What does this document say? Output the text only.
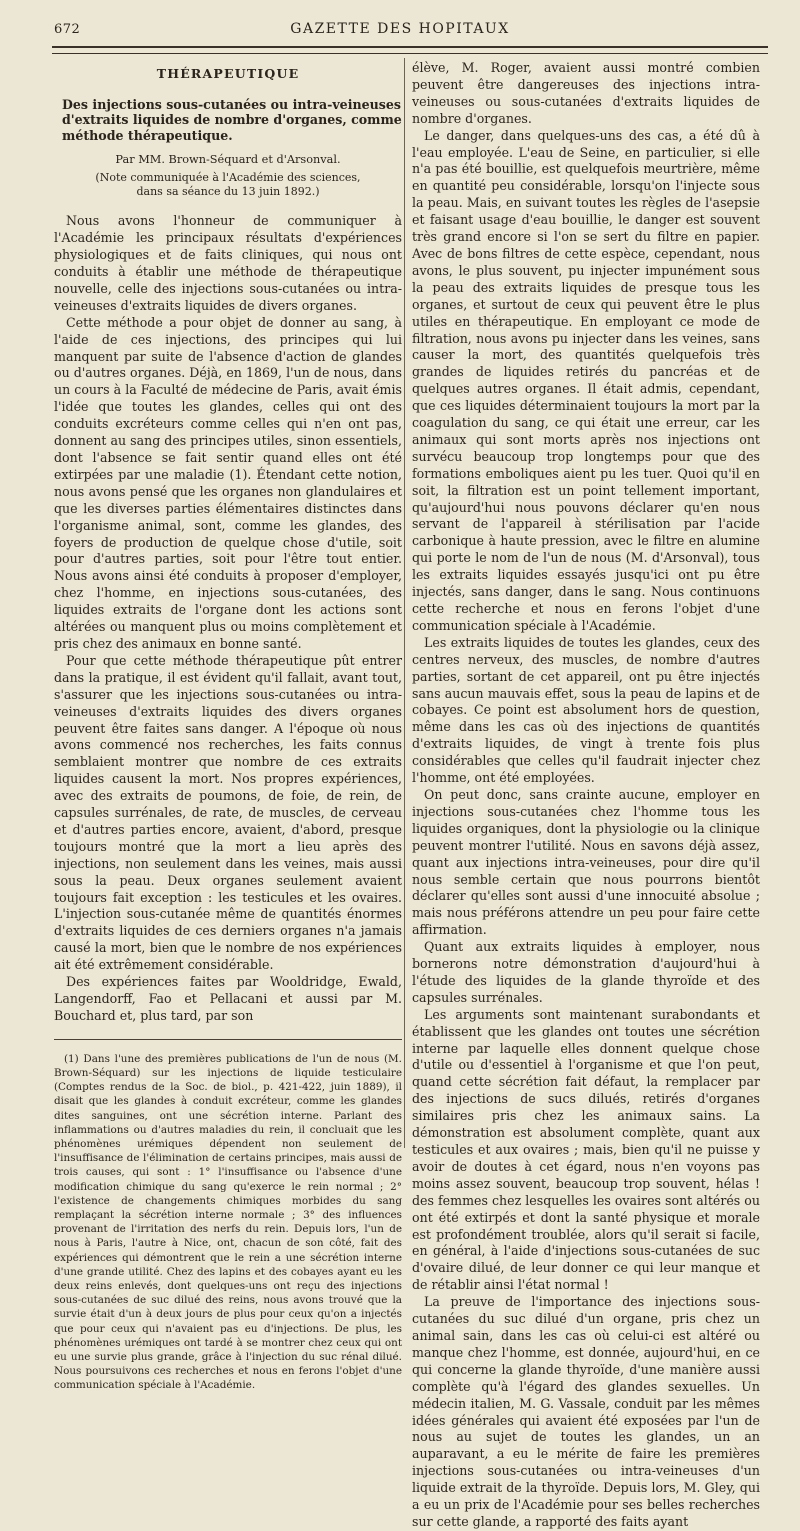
672	GAZETTE DES HOPITAUX
THÉRAPEUTIQUE
Des injections sous-cutanées ou intra-veineuses d'extraits liquides de nombre d'organes, comme méthode thérapeutique.
Par MM. Brown-Séquard et d'Arsonval.
(Note communiquée à l'Académie des sciences, dans sa séance du 13 juin 1892.)

Nous avons l'honneur de communiquer à l'Académie les principaux résultats d'expériences physiologiques et de faits cliniques, qui nous ont conduits à établir une méthode de thérapeutique nouvelle, celle des injections sous-cutanées ou intra-veineuses d'extraits liquides de divers organes.

Cette méthode a pour objet de donner au sang, à l'aide de ces injections, des principes qui lui manquent par suite de l'absence d'action de glandes ou d'autres organes. Déjà, en 1869, l'un de nous, dans un cours à la Faculté de médecine de Paris, avait émis l'idée que toutes les glandes, celles qui ont des conduits excréteurs comme celles qui n'en ont pas, donnent au sang des principes utiles, sinon essentiels, dont l'absence se fait sentir quand elles ont été extirpées par une maladie (1). Étendant cette notion, nous avons pensé que les organes non glandulaires et que les diverses parties élémentaires distinctes dans l'organisme animal, sont, comme les glandes, des foyers de production de quelque chose d'utile, soit pour d'autres parties, soit pour l'être tout entier. Nous avons ainsi été conduits à proposer d'employer, chez l'homme, en injections sous-cutanées, des liquides extraits de l'organe dont les actions sont altérées ou manquent plus ou moins complètement et pris chez des animaux en bonne santé.

Pour que cette méthode thérapeutique pût entrer dans la pratique, il est évident qu'il fallait, avant tout, s'assurer que les injections sous-cutanées ou intra-veineuses d'extraits liquides des divers organes peuvent être faites sans danger. A l'époque où nous avons commencé nos recherches, les faits connus semblaient montrer que nombre de ces extraits liquides causent la mort. Nos propres expériences, avec des extraits de poumons, de foie, de rein, de capsules surrénales, de rate, de muscles, de cerveau et d'autres parties encore, avaient, d'abord, presque toujours montré que la mort a lieu après des injections, non seulement dans les veines, mais aussi sous la peau. Deux organes seulement avaient toujours fait exception : les testicules et les ovaires. L'injection sous-cutanée même de quantités énormes d'extraits liquides de ces derniers organes n'a jamais causé la mort, bien que le nombre de nos expériences ait été extrêmement considérable.

Des expériences faites par Wooldridge, Ewald, Langendorff, Fao et Pellacani et aussi par M. Bouchard et, plus tard, par son

(1) Dans l'une des premières publications de l'un de nous (M. Brown-Séquard) sur les injections de liquide testiculaire (Comptes rendus de la Soc. de biol., p. 421-422, juin 1889), il disait que les glandes à conduit excréteur, comme les glandes dites sanguines, ont une sécrétion interne. Parlant des inflammations ou d'autres maladies du rein, il concluait que les phénomènes urémiques dépendent non seulement de l'insuffisance de l'élimination de certains principes, mais aussi de trois causes, qui sont : 1° l'insuffisance ou l'absence d'une modification chimique du sang qu'exerce le rein normal ; 2° l'existence de changements chimiques morbides du sang remplaçant la sécrétion interne normale ; 3° des influences provenant de l'irritation des nerfs du rein. Depuis lors, l'un de nous à Paris, l'autre à Nice, ont, chacun de son côté, fait des expériences qui démontrent que le rein a une sécrétion interne d'une grande utilité. Chez des lapins et des cobayes ayant eu les deux reins enlevés, dont quelques-uns ont reçu des injections sous-cutanées de suc dilué des reins, nous avons trouvé que la survie était d'un à deux jours de plus pour ceux qu'on a injectés que pour ceux qui n'avaient pas eu d'injections. De plus, les phénomènes urémiques ont tardé à se montrer chez ceux qui ont eu une survie plus grande, grâce à l'injection du suc rénal dilué. Nous poursuivons ces recherches et nous en ferons l'objet d'une communication spéciale à l'Académie.

élève, M. Roger, avaient aussi montré combien peuvent être dangereuses des injections intra-veineuses ou sous-cutanées d'extraits liquides de nombre d'organes.

Le danger, dans quelques-uns des cas, a été dû à l'eau employée. L'eau de Seine, en particulier, si elle n'a pas été bouillie, est quelquefois meurtrière, même en quantité peu considérable, lorsqu'on l'injecte sous la peau. Mais, en suivant toutes les règles de l'asepsie et faisant usage d'eau bouillie, le danger est souvent très grand encore si l'on se sert du filtre en papier. Avec de bons filtres de cette espèce, cependant, nous avons, le plus souvent, pu injecter impunément sous la peau des extraits liquides de presque tous les organes, et surtout de ceux qui peuvent être le plus utiles en thérapeutique. En employant ce mode de filtration, nous avons pu injecter dans les veines, sans causer la mort, des quantités quelquefois très grandes de liquides retirés du pancréas et de quelques autres organes. Il était admis, cependant, que ces liquides déterminaient toujours la mort par la coagulation du sang, ce qui était une erreur, car les animaux qui sont morts après nos injections ont survécu beaucoup trop longtemps pour que des formations emboliques aient pu les tuer. Quoi qu'il en soit, la filtration est un point tellement important, qu'aujourd'hui nous pouvons déclarer qu'en nous servant de l'appareil à stérilisation par l'acide carbonique à haute pression, avec le filtre en alumine qui porte le nom de l'un de nous (M. d'Arsonval), tous les extraits liquides essayés jusqu'ici ont pu être injectés, sans danger, dans le sang. Nous continuons cette recherche et nous en ferons l'objet d'une communication spéciale à l'Académie.

Les extraits liquides de toutes les glandes, ceux des centres nerveux, des muscles, de nombre d'autres parties, sortant de cet appareil, ont pu être injectés sans aucun mauvais effet, sous la peau de lapins et de cobayes. Ce point est absolument hors de question, même dans les cas où des injections de quantités d'extraits liquides, de vingt à trente fois plus considérables que celles qu'il faudrait injecter chez l'homme, ont été employées.

On peut donc, sans crainte aucune, employer en injections sous-cutanées chez l'homme tous les liquides organiques, dont la physiologie ou la clinique peuvent montrer l'utilité. Nous en savons déjà assez, quant aux injections intra-veineuses, pour dire qu'il nous semble certain que nous pourrons bientôt déclarer qu'elles sont aussi d'une innocuité absolue ; mais nous préférons attendre un peu pour faire cette affirmation.

Quant aux extraits liquides à employer, nous bornerons notre démonstration d'aujourd'hui à l'étude des liquides de la glande thyroïde et des capsules surrénales.

Les arguments sont maintenant surabondants et établissent que les glandes ont toutes une sécrétion interne par laquelle elles donnent quelque chose d'utile ou d'essentiel à l'organisme et que l'on peut, quand cette sécrétion fait défaut, la remplacer par des injections de sucs dilués, retirés d'organes similaires pris chez les animaux sains. La démonstration est absolument complète, quant aux testicules et aux ovaires ; mais, bien qu'il ne puisse y avoir de doutes à cet égard, nous n'en voyons pas moins assez souvent, beaucoup trop souvent, hélas ! des femmes chez lesquelles les ovaires sont altérés ou ont été extirpés et dont la santé physique et morale est profondément troublée, alors qu'il serait si facile, en général, à l'aide d'injections sous-cutanées de suc d'ovaire dilué, de leur donner ce qui leur manque et de rétablir ainsi l'état normal !

La preuve de l'importance des injections sous-cutanées du suc dilué d'un organe, pris chez un animal sain, dans les cas où celui-ci est altéré ou manque chez l'homme, est donnée, aujourd'hui, en ce qui concerne la glande thyroïde, d'une manière aussi complète qu'à l'égard des glandes sexuelles. Un médecin italien, M. G. Vassale, conduit par les mêmes idées générales qui avaient été exposées par l'un de nous au sujet de toutes les glandes, un an auparavant, a eu le mérite de faire les premières injections sous-cutanées ou intra-veineuses d'un liquide extrait de la thyroïde. Depuis lors, M. Gley, qui a eu un prix de l'Académie pour ses belles recherches sur cette glande, a rapporté des faits ayant
